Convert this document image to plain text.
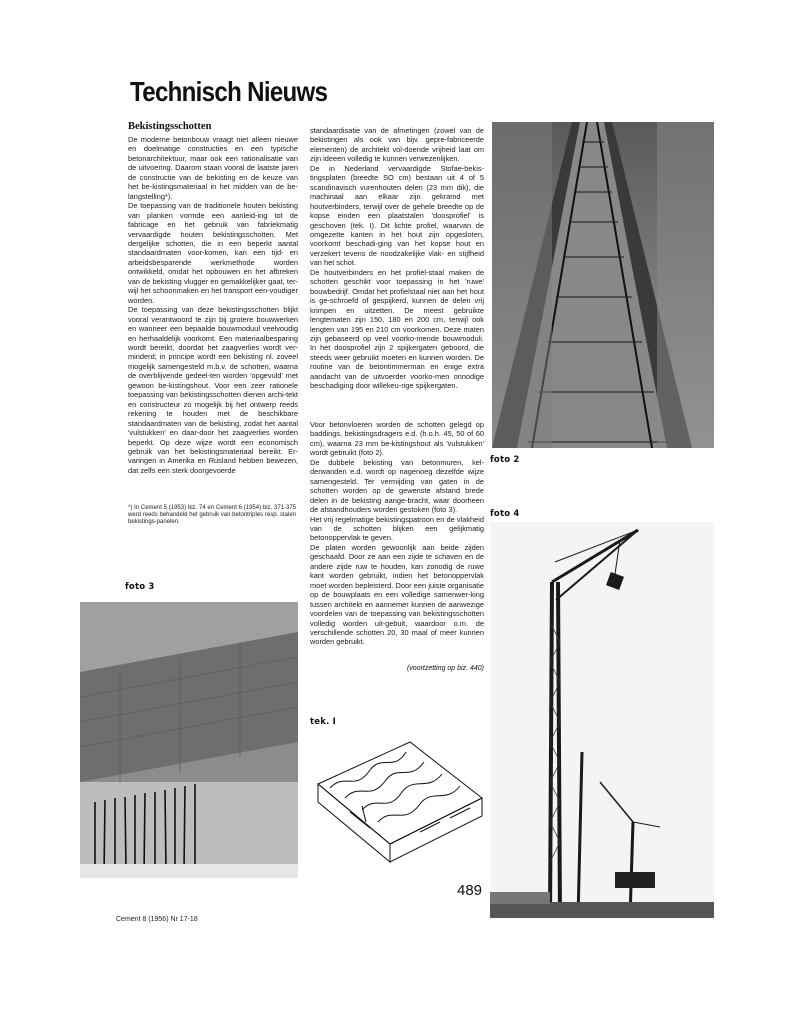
Technisch Nieuws
Bekistingsschotten

De moderne betonbouw vraagt niet alleen nieuwe en doelmatige constructies en een typische betonarchitektuur, maar ook een rationalisatie van de uitvoering. Daarom staan vooral de laatste jaren de constructie van de bekisting en de keuze van het be-kistingsmateriaal in het midden van de be-langstelling*).

De toepassing van de traditionele houten bekisting van planken vormde een aanleid-ing tot de fabricage en het gebruik van fabriekmatig vervaardigde houten bekistingsschotten. Met dergelijke schotten, die in een beperkt aantal standaardmaten voor-komen, kan een tijd- en arbeidsbesparende werkmethode worden ontwikkeld, omdat het opbouwen en het afbreken van de bekisting vlugger en gemakkelijker gaat, ter-wijl het schoonmaken en het transport een-voudiger worden.

De toepassing van deze bekistingsschotten blijkt vooral verantwoord te zijn bij grotere bouwwerken en wanneer een bepaalde bouwmoduul veelvoudig en herhaaldelijk voorkomt. Een materiaalbesparing wordt bereikt, doordat het zaagverlies wordt ver-minderd; in principe wordt een bekisting nl. zoveel mogelijk samengesteld m.b.v. de schotten, waarna de overblijvende gedeel-ten worden 'opgevuld' met gewoon be-kistingshout. Voor een zeer rationele toepassing van bekistingsschotten dienen archi-tekt en constructeur zo mogelijk bij het ontwerp reeds rekening te houden met de beschikbare standaardmaten van de bekisting, zodat het aantal 'vulstukken' en daar-door het zaagverlies worden beperkt. Op deze wijze wordt een economisch gebruik van het bekistingsmateriaal bereikt. Er-varingen in Amerika en Rusland hebben bewezen, dat zelfs een sterk doorgevoerde

*) In Cement 5 (1953) biz. 74 en Cement 6 (1954) biz. 371-375 werd reeds behandeld het gebruik van betontriples resp. stalen bekistings-panelen.

standaardisatie van de afmetingen (zowel van de bekistingen als ook van bijv. gepre-fabriceerde elementen) de architekt vol-doende vrijheid laat om zijn ideeen volledig te kunnen verwezenlijken.

De in Nederland vervaardigde Stofae-bekis-tingsplaten (breedte SO cm) bestaan uit 4 of 5 scandinavisch vurenhouten delen (23 mm dik), die machinaal aan elkaar zijn gekramd met houtverbinders, terwijl over de gehele breedte op de kopse einden een plaatstalen 'doosprofiel' is geschoven (tek. I). Dit lichte profiel, waarvan de omgezette kanten in het hout zijn opgesloten, voorkomt beschadi-ging van het kopse hout en verzekert tevens de noodzakelijke vlak- en stijfheid van het schot.

De houtverbinders en het profiel-staal maken de schotten geschikt voor toepassing in het 'ruwe' bouwbedrijf. Omdat het profielstaal niet aan het hout is ge-schroefd of gespijkerd, kunnen de delen vrij krimpen en uitzetten. De meest gebruikte lengtematen zijn 150, 180 en 200 cm, terwijl ook lengten van 195 en 210 cm voorkomen. Deze maten zijn gebaseerd op veel voorko-mende bouwmoduli. In het doosprofiel zijn 2 spijkergaten geboord, die steeds weer gebruikt moeten en kunnen worden. De routine van de betontimmerman en enige extra aandacht van de uitvoerder voorko-men onnodige beschadiging door willekeu-rige spijkergaten.

Voor betonvloeren worden de schotten gelegd op baddings, bekistingsdragers e.d. (h.o.h. 45, 50 of 60 cm), waarna 23 mm be-kistingshout als 'vulstukken' wordt gebruikt (foto 2).

De dubbele bekisting van betonmuren, kel-derwanden e.d. wordt op nagenoeg dezelfde wijze samengesteld. Ter vermijding van gaten in de schotten worden op de gewenste afstand brede delen in de bekisting aange-bracht, waar doorheen de afstandhouders worden gestoken (foto 3).

Het vrij regelmatige bekistingspatroon en de vlakheid van de schotten blijken een gelijkmatig betonoppervlak te geven.

De platen worden gewoonlijk aan beide zijden geschaafd. Door ze aan een zijde te schaven en de andere zijde ruw te houden, kan zonodig de ruwe kant worden gebruikt, indien het betonoppervlak moet worden bepleisterd. Door een juiste organisatie op de bouwplaats en een volledige samenwer-king tussen architekt en aannemer kunnen de aanwezige voordelen van de toepassing van bekistingsschotten volledig worden uit-gebuit, waardoor o.m. de verschillende schotten 20, 30 maal of meer kunnen worden gebruikt.

(voortzetting op biz. 440)
foto 2
foto 4
foto 3
tek. I
489
Cement 8 (1956) Nr 17-18
